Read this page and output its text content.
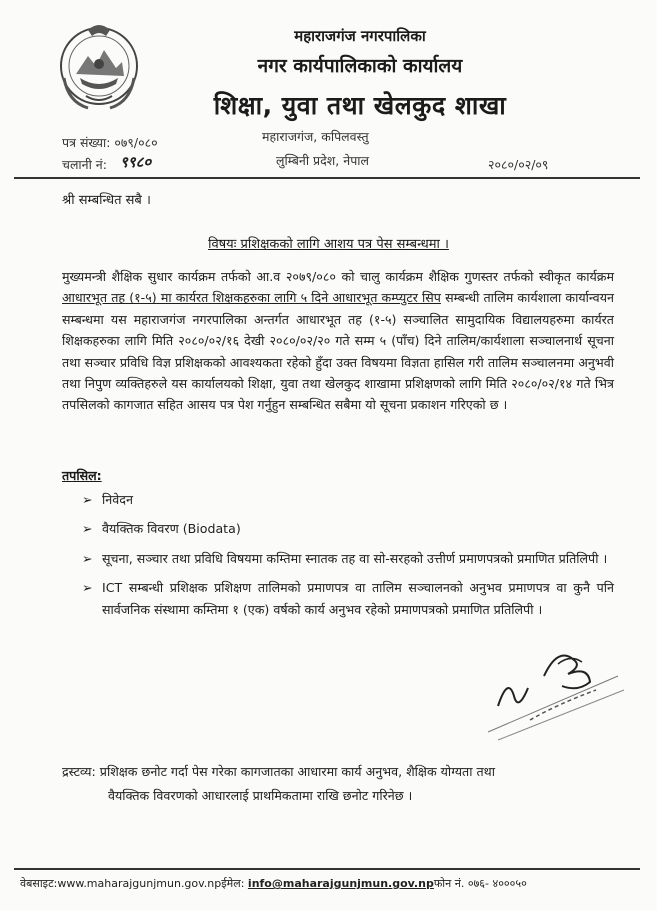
महाराजगंज नगरपालिका
नगर कार्यपालिकाको कार्यालय
शिक्षा, युवा तथा खेलकुद शाखा
महाराजगंज, कपिलवस्तु
लुम्बिनी प्रदेश, नेपाल
पत्र संख्या: ०७९/०८०
चलानी नं: ९९८०	२०८०/०२/०९
श्री सम्बन्धित सबै ।
विषयः प्रशिक्षकको लागि आशय पत्र पेस सम्बन्धमा ।
मुख्यमन्त्री शैक्षिक सुधार कार्यक्रम तर्फको आ.व २०७९/०८० को चालु कार्यक्रम शैक्षिक गुणस्तर तर्फको स्वीकृत कार्यक्रम आधारभूत तह (१-५) मा कार्यरत शिक्षकहरुका लागि ५ दिने आधारभूत कम्प्युटर सिप सम्बन्धी तालिम कार्यशाला कार्यान्वयन सम्बन्धमा यस महाराजगंज नगरपालिका अन्तर्गत आधारभूत तह (१-५) सञ्चालित सामुदायिक विद्यालयहरुमा कार्यरत शिक्षकहरुका लागि मिति २०८०/०२/१६ देखी २०८०/०२/२० गते सम्म ५ (पाँच) दिने तालिम/कार्यशाला सञ्चालनार्थ सूचना तथा सञ्चार प्रविधि विज्ञ प्रशिक्षकको आवश्यकता रहेको हुँदा उक्त विषयमा विज्ञता हासिल गरी तालिम सञ्चालनमा अनुभवी तथा निपुण व्यक्तिहरुले यस कार्यालयको शिक्षा, युवा तथा खेलकुद शाखामा प्रशिक्षणको लागि मिति २०८०/०२/१४ गते भित्र तपसिलको कागजात सहित आसय पत्र पेश गर्नुहुन सम्बन्धित सबैमा यो सूचना प्रकाशन गरिएको छ ।
तपसिल:
➢ निवेदन
➢ वैयक्तिक विवरण (Biodata)
➢ सूचना, सञ्चार तथा प्रविधि विषयमा कम्तिमा स्नातक तह वा सो-सरहको उत्तीर्ण प्रमाणपत्रको प्रमाणित प्रतिलिपी ।
➢ ICT सम्बन्धी प्रशिक्षक प्रशिक्षण तालिमको प्रमाणपत्र वा तालिम सञ्चालनको अनुभव प्रमाणपत्र वा कुनै पनि सार्वजनिक संस्थामा कम्तिमा १ (एक) वर्षको कार्य अनुभव रहेको प्रमाणपत्रको प्रमाणित प्रतिलिपी ।
द्रस्टव्य: प्रशिक्षक छनोट गर्दा पेस गरेका कागजातका आधारमा कार्य अनुभव, शैक्षिक योग्यता तथा
वैयक्तिक विवरणको आधारलाई प्राथमिकतामा राखि छनोट गरिनेछ ।
वेबसाइट:www.maharajgunjmun.gov.npईमेल: info@maharajgunjmun.gov.npफोन नं. ०७६- ४०००५०
